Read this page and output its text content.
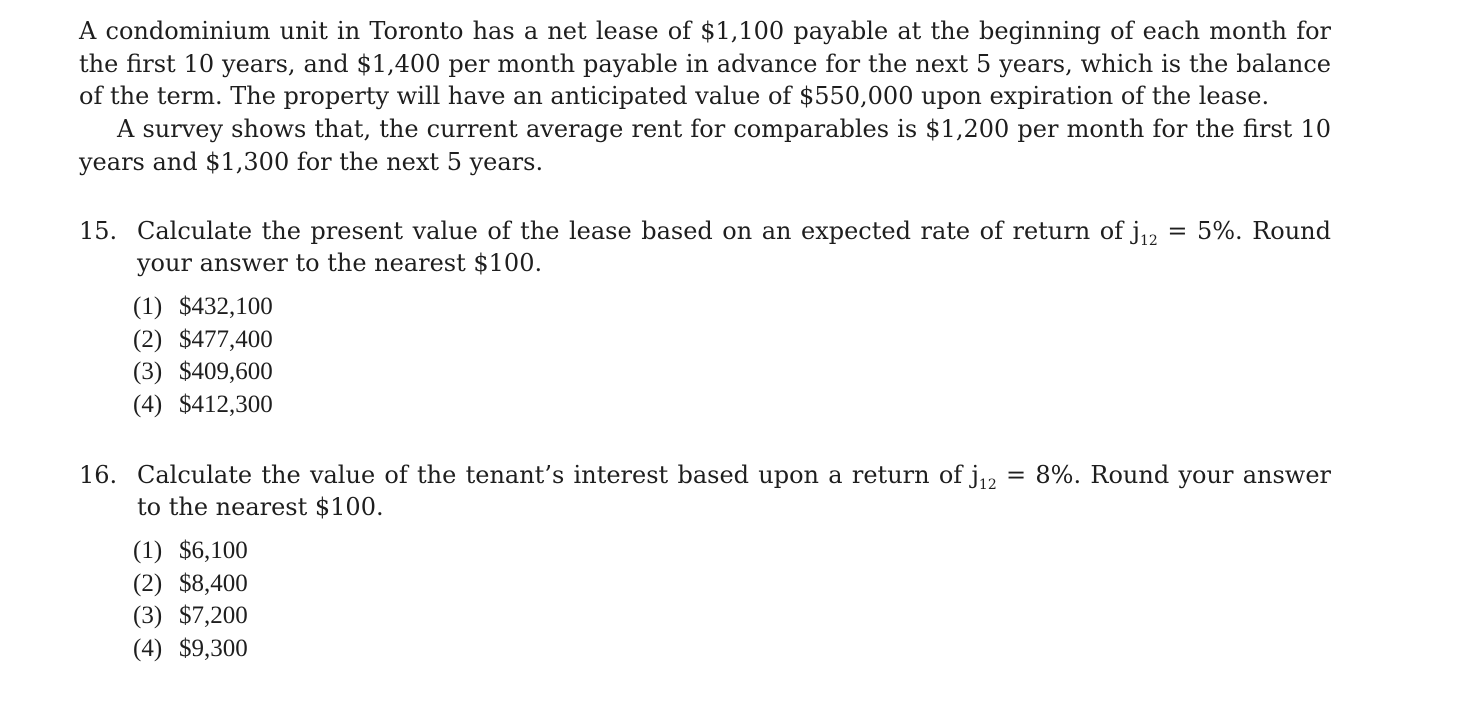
A condominium unit in Toronto has a net lease of $1,100 payable at the beginning of each month for the first 10 years, and $1,400 per month payable in advance for the next 5 years, which is the balance of the term. The property will have an anticipated value of $550,000 upon expiration of the lease.

A survey shows that, the current average rent for comparables is $1,200 per month for the first 10 years and $1,300 for the next 5 years.

15. Calculate the present value of the lease based on an expected rate of return of $j_{12} = 5\%$. Round your answer to the nearest $100.
(1) $432,100
(2) $477,400
(3) $409,600
(4) $412,300
16. Calculate the value of the tenant’s interest based upon a return of $j_{12} = 8\%$. Round your answer to the nearest $100.
(1) $6,100
(2) $8,400
(3) $7,200
(4) $9,300
